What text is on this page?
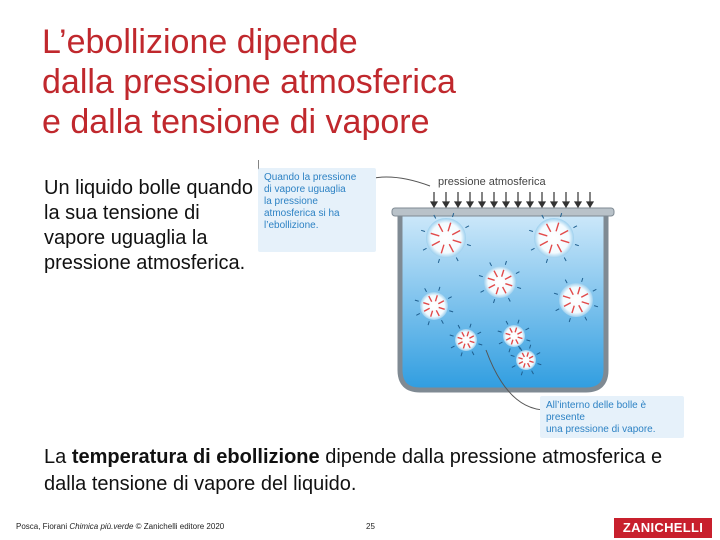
L’ebollizione dipende
dalla pressione atmosferica
e dalla tensione di vapore
Un liquido bolle quando la sua tensione di vapore uguaglia la pressione atmosferica.
Quando la pressione
di vapore uguaglia
la pressione
atmosferica si ha
l’ebollizione.
pressione atmosferica
All’interno delle bolle è presente
una pressione di vapore.
La temperatura di ebollizione dipende dalla pressione atmosferica e dalla tensione di vapore del liquido.
Posca, Fiorani Chimica più.verde © Zanichelli editore 2020	25	ZANICHELLI
